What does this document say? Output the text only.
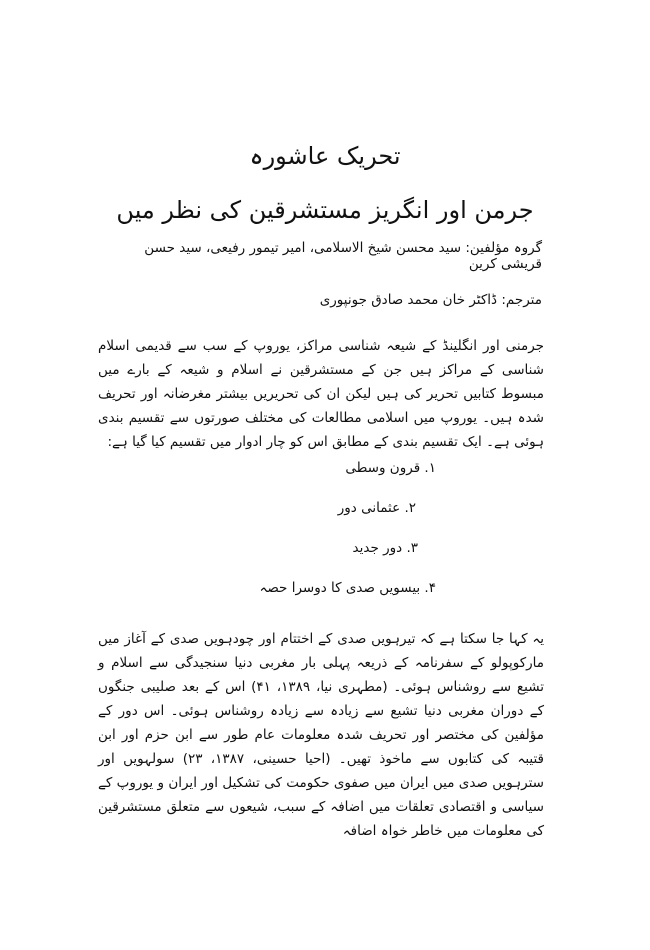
تحریک عاشورہ
جرمن اور انگریز مستشرقین کی نظر میں

گروہ مؤلفین: سید محسن شیخ الاسلامی، امیر تیمور رفیعی، سید حسن قریشی کرین

مترجم: ڈاکٹر خان محمد صادق جونپوری

جرمنی اور انگلینڈ کے شیعہ شناسی مراکز، یوروپ کے سب سے قدیمی اسلام شناسی کے مراکز ہیں جن کے مستشرقین نے اسلام و شیعہ کے بارے میں مبسوط کتابیں تحریر کی ہیں لیکن ان کی تحریریں بیشتر مغرضانہ اور تحریف شدہ ہیں۔ یوروپ میں اسلامی مطالعات کی مختلف صورتوں سے تقسیم بندی ہوئی ہے۔ ایک تقسیم بندی کے مطابق اس کو چار ادوار میں تقسیم کیا گیا ہے:

۱. قرون وسطی
۲. عثمانی دور
۳. دور جدید
۴. بیسویں صدی کا دوسرا حصہ

یہ کہا جا سکتا ہے کہ تیرہویں صدی کے اختتام اور چودہویں صدی کے آغاز میں مارکوپولو کے سفرنامہ کے ذریعہ پہلی بار مغربی دنیا سنجیدگی سے اسلام و تشیع سے روشناس ہوئی۔ (مطہری نیا، ۱۳۸۹، ۴۱) اس کے بعد صلیبی جنگوں کے دوران مغربی دنیا تشیع سے زیادہ سے زیادہ روشناس ہوئی۔ اس دور کے مؤلفین کی مختصر اور تحریف شدہ معلومات عام طور سے ابن حزم اور ابن قتیبہ کی کتابوں سے ماخوذ تھیں۔ (احیا حسینی، ۱۳۸۷، ۲۳) سولہویں اور سترہویں صدی میں ایران میں صفوی حکومت کی تشکیل اور ایران و یوروپ کے سیاسی و اقتصادی تعلقات میں اضافہ کے سبب، شیعوں سے متعلق مستشرقین کی معلومات میں خاطر خواہ اضافہ
